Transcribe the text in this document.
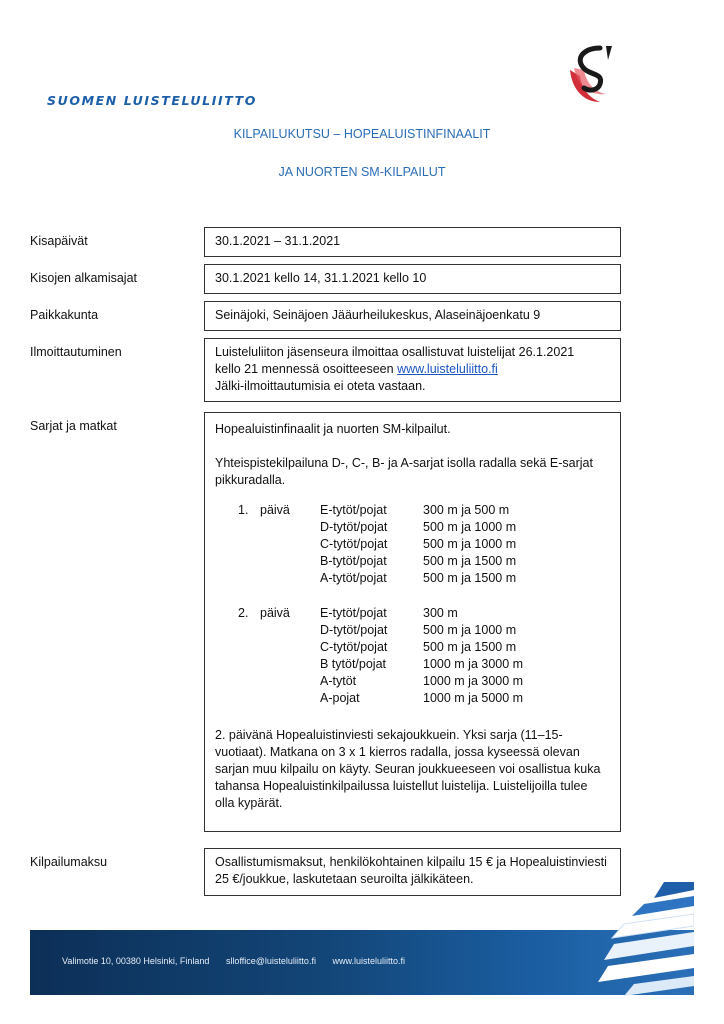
SUOMEN LUISTELULIITTO
KILPAILUKUTSU – HOPEALUISTINFINAALIT
JA NUORTEN SM-KILPAILUT
Kisapäivät	30.1.2021 – 31.1.2021

Kisojen alkamisajat	30.1.2021 kello 14, 31.1.2021 kello 10

Paikkakunta	Seinäjoki, Seinäjoen Jääurheilukeskus, Alaseinäjoenkatu 9

Ilmoittautuminen	Luisteluliiton jäsenseura ilmoittaa osallistuvat luistelijat 26.1.2021

kello 21 mennessä osoitteeseen www.luisteluliitto.fi

Jälki-ilmoittautumisia ei oteta vastaan.

Sarjat ja matkat	Hopealuistinfinaalit ja nuorten SM-kilpailut.

Yhteispistekilpailuna D-, C-, B- ja A-sarjat isolla radalla sekä E-sarjat pikkuradalla.

1. päivä	E-tytöt/pojat	300 m ja 500 m
D-tytöt/pojat	500 m ja 1000 m
C-tytöt/pojat	500 m ja 1000 m
B-tytöt/pojat	500 m ja 1500 m
A-tytöt/pojat	500 m ja 1500 m
2. päivä	E-tytöt/pojat	300 m
D-tytöt/pojat	500 m ja 1000 m
C-tytöt/pojat	500 m ja 1500 m
B tytöt/pojat	1000 m ja 3000 m
A-tytöt	1000 m ja 3000 m
A-pojat	1000 m ja 5000 m

2. päivänä Hopealuistinviesti sekajoukkuein. Yksi sarja (11–15-vuotiaat). Matkana on 3 x 1 kierros radalla, jossa kyseessä olevan sarjan muu kilpailu on käyty. Seuran joukkueeseen voi osallistua kuka tahansa Hopealuistinkilpailussa luistellut luistelija. Luistelijoilla tulee olla kypärät.

Kilpailumaksu	Osallistumismaksut, henkilökohtainen kilpailu 15 € ja Hopealuistinviesti 25 €/joukkue, laskutetaan seuroilta jälkikäteen.

Valimotie 10, 00380 Helsinki, Finland slloffice@luisteluliitto.fi www.luisteluliitto.fi
